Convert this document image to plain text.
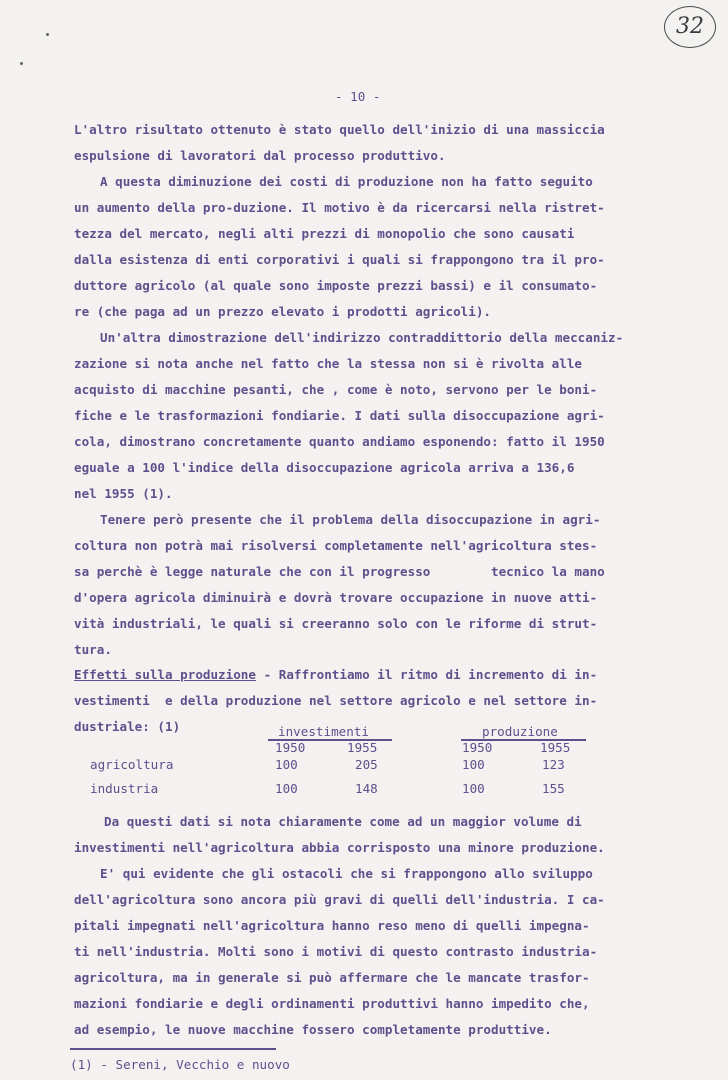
32
- 10 -
L'altro risultato ottenuto è stato quello dell'inizio di una massiccia
espulsione di lavoratori dal processo produttivo.
A questa diminuzione dei costi di produzione non ha fatto seguito
un aumento della pro-duzione. Il motivo è da ricercarsi nella ristret-
tezza del mercato, negli alti prezzi di monopolio che sono causati
dalla esistenza di enti corporativi i quali si frappongono tra il pro-
duttore agricolo (al quale sono imposte prezzi bassi) e il consumato-
re (che paga ad un prezzo elevato i prodotti agricoli).
Un'altra dimostrazione dell'indirizzo contraddittorio della meccaniz-
zazione si nota anche nel fatto che la stessa non si è rivolta alle
acquisto di macchine pesanti, che , come è noto, servono per le boni-
fiche e le trasformazioni fondiarie. I dati sulla disoccupazione agri-
cola, dimostrano concretamente quanto andiamo esponendo: fatto il 1950
eguale a 100 l'indice della disoccupazione agricola arriva a 136,6
nel 1955 (1).
Tenere però presente che il problema della disoccupazione in agri-
coltura non potrà mai risolversi completamente nell'agricoltura stes-
sa perchè è legge naturale che con il progresso        tecnico la mano
d'opera agricola diminuirà e dovrà trovare occupazione in nuove atti-
vità industriali, le quali si creeranno solo con le riforme di strut-
tura.
Effetti sulla produzione - Raffrontiamo il ritmo di incremento di in-
vestimenti  e della produzione nel settore agricolo e nel settore in-
dustriale: (1)	investimenti	produzione
1950	1955	1950	1955
agricoltura	100	205	100	123
industria	100	148	100	155
Da questi dati si nota chiaramente come ad un maggior volume di
investimenti nell'agricoltura abbia corrisposto una minore produzione.
E' qui evidente che gli ostacoli che si frappongono allo sviluppo
dell'agricoltura sono ancora più gravi di quelli dell'industria. I ca-
pitali impegnati nell'agricoltura hanno reso meno di quelli impegna-
ti nell'industria. Molti sono i motivi di questo contrasto industria-
agricoltura, ma in generale si può affermare che le mancate trasfor-
mazioni fondiarie e degli ordinamenti produttivi hanno impedito che,
ad esempio, le nuove macchine fossero completamente produttive.
(1) - Sereni, Vecchio e nuovo
